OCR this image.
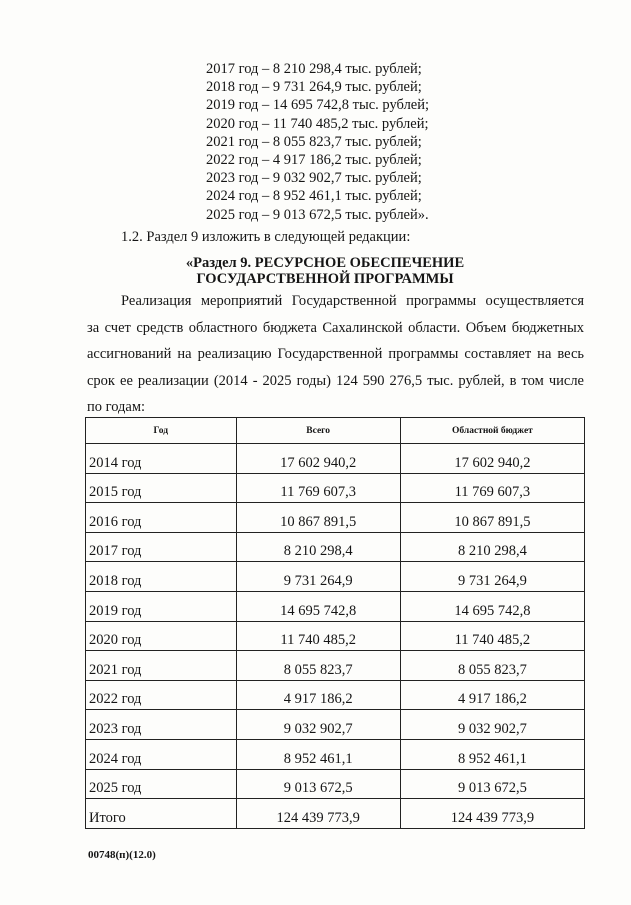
2017 год – 8 210 298,4 тыс. рублей;
2018 год – 9 731 264,9 тыс. рублей;
2019 год – 14 695 742,8 тыс. рублей;
2020 год – 11 740 485,2 тыс. рублей;
2021 год – 8 055 823,7 тыс. рублей;
2022 год – 4 917 186,2 тыс. рублей;
2023 год – 9 032 902,7 тыс. рублей;
2024 год – 8 952 461,1 тыс. рублей;
2025 год – 9 013 672,5 тыс. рублей».
1.2. Раздел 9 изложить в следующей редакции:
«Раздел 9. РЕСУРСНОЕ ОБЕСПЕЧЕНИЕ
ГОСУДАРСТВЕННОЙ ПРОГРАММЫ
Реализация мероприятий Государственной программы осуществляется
за счет средств областного бюджета Сахалинской области. Объем бюджетных
ассигнований на реализацию Государственной программы составляет на весь
срок ее реализации (2014 - 2025 годы) 124 590 276,5 тыс. рублей, в том числе
по годам:
Год	Всего	Областной бюджет
2014 год	17 602 940,2	17 602 940,2
2015 год	11 769 607,3	11 769 607,3
2016 год	10 867 891,5	10 867 891,5
2017 год	8 210 298,4	8 210 298,4
2018 год	9 731 264,9	9 731 264,9
2019 год	14 695 742,8	14 695 742,8
2020 год	11 740 485,2	11 740 485,2
2021 год	8 055 823,7	8 055 823,7
2022 год	4 917 186,2	4 917 186,2
2023 год	9 032 902,7	9 032 902,7
2024 год	8 952 461,1	8 952 461,1
2025 год	9 013 672,5	9 013 672,5
Итого	124 439 773,9	124 439 773,9
00748(п)(12.0)
